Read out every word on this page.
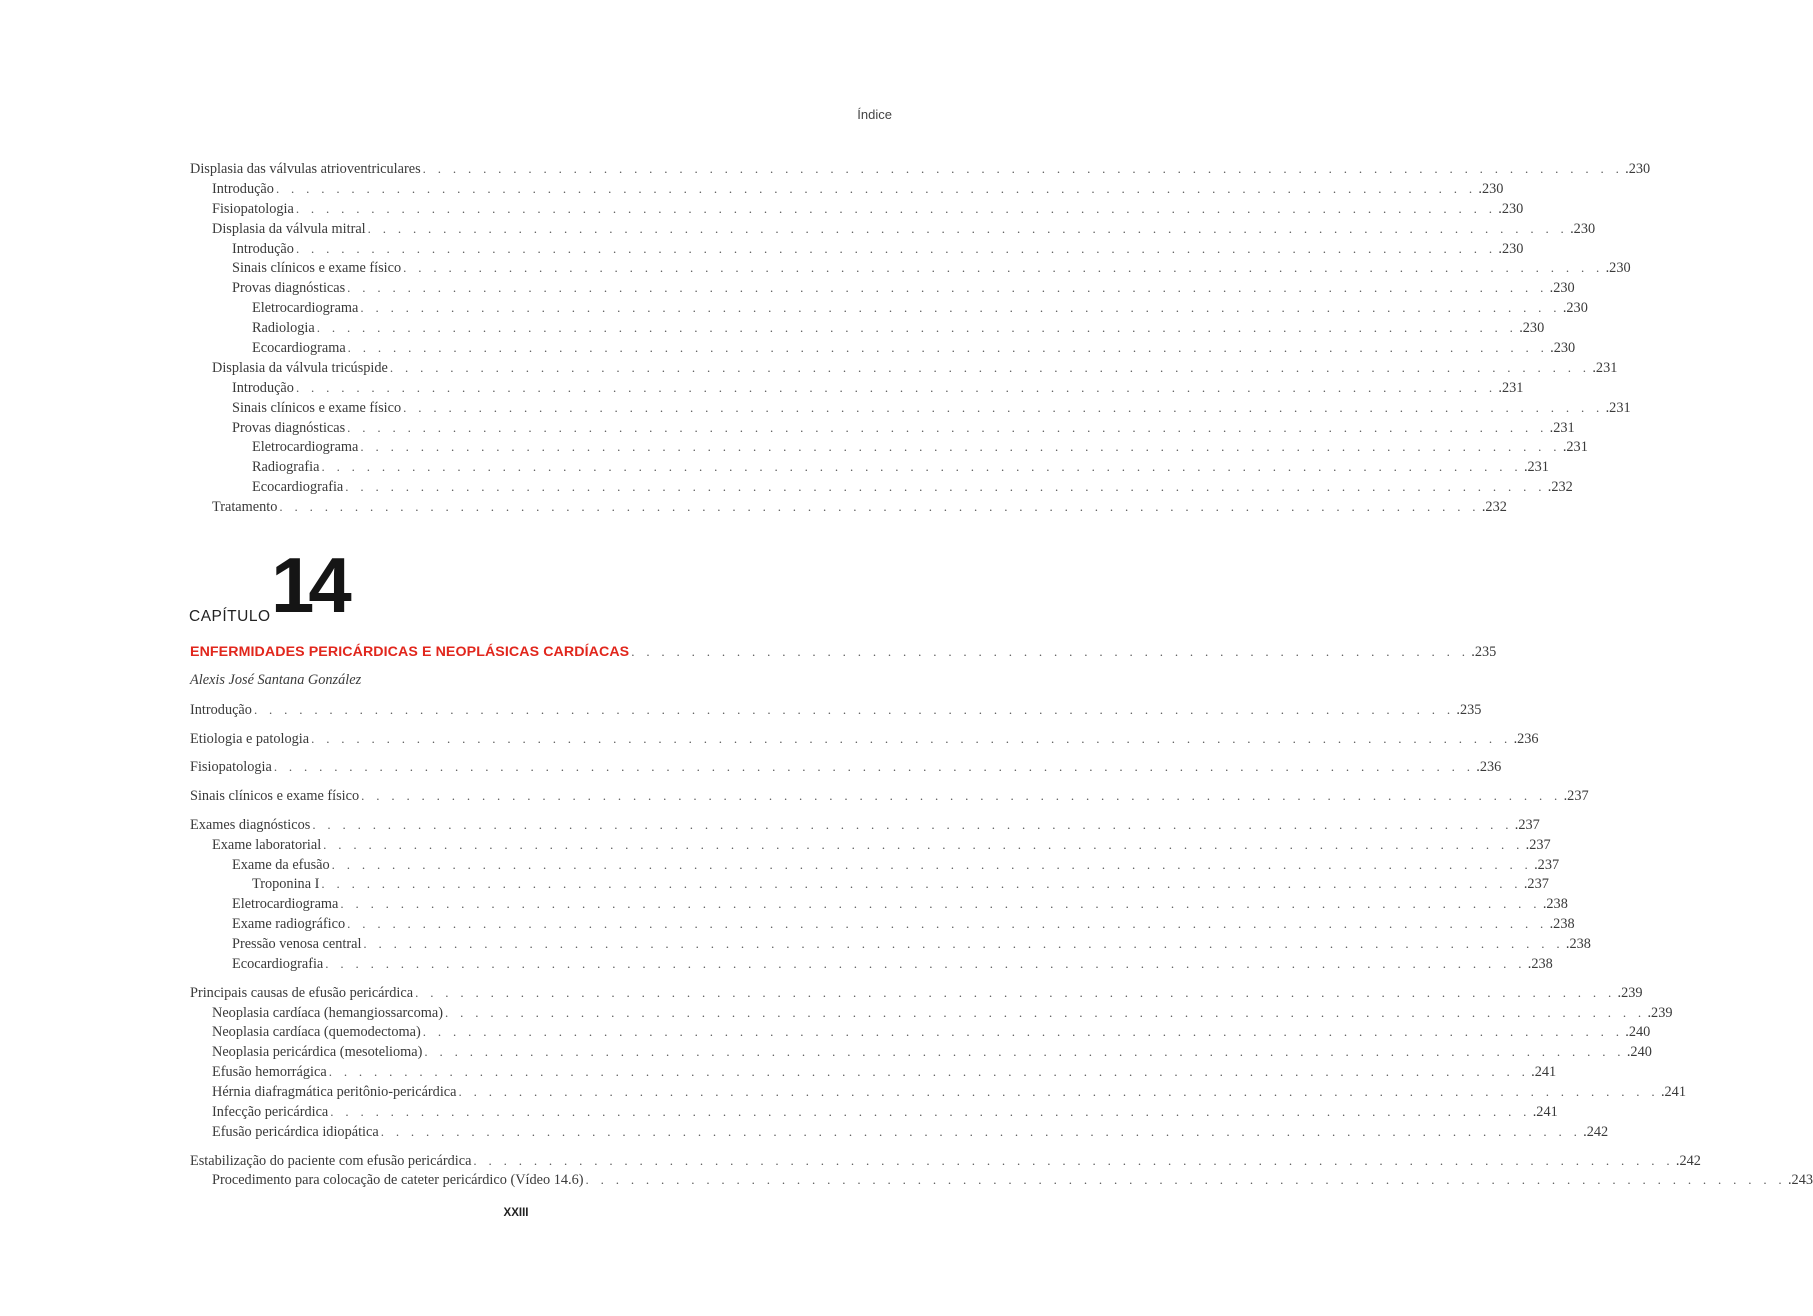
Índice
Displasia das válvulas atrioventriculares . . . . . . . . . . . . . . . . . . . . . . . . . . . . . . . . . . . . . . . . . . . . . . . . . . . . . . . . . . . . . . . . . . . . . . . . . . . . . . . . .230
Introdução . . . . . . . . . . . . . . . . . . . . . . . . . . . . . . . . . . . . . . . . . . . . . . . . . . . . . . . . . . . . . . . . . . . . . . . . . . . . . . . . .230
Fisiopatologia . . . . . . . . . . . . . . . . . . . . . . . . . . . . . . . . . . . . . . . . . . . . . . . . . . . . . . . . . . . . . . . . . . . . . . . . . . . . . . . . .230
Displasia da válvula mitral . . . . . . . . . . . . . . . . . . . . . . . . . . . . . . . . . . . . . . . . . . . . . . . . . . . . . . . . . . . . . . . . . . . . . . . . . . . . . . . . .230
Introdução . . . . . . . . . . . . . . . . . . . . . . . . . . . . . . . . . . . . . . . . . . . . . . . . . . . . . . . . . . . . . . . . . . . . . . . . . . . . . . . . .230
Sinais clínicos e exame físico . . . . . . . . . . . . . . . . . . . . . . . . . . . . . . . . . . . . . . . . . . . . . . . . . . . . . . . . . . . . . . . . . . . . . . . . . . . . . . . . .230
Provas diagnósticas . . . . . . . . . . . . . . . . . . . . . . . . . . . . . . . . . . . . . . . . . . . . . . . . . . . . . . . . . . . . . . . . . . . . . . . . . . . . . . . . .230
Eletrocardiograma . . . . . . . . . . . . . . . . . . . . . . . . . . . . . . . . . . . . . . . . . . . . . . . . . . . . . . . . . . . . . . . . . . . . . . . . . . . . . . . . .230
Radiologia . . . . . . . . . . . . . . . . . . . . . . . . . . . . . . . . . . . . . . . . . . . . . . . . . . . . . . . . . . . . . . . . . . . . . . . . . . . . . . . . .230
Ecocardiograma . . . . . . . . . . . . . . . . . . . . . . . . . . . . . . . . . . . . . . . . . . . . . . . . . . . . . . . . . . . . . . . . . . . . . . . . . . . . . . . . .230
Displasia da válvula tricúspide . . . . . . . . . . . . . . . . . . . . . . . . . . . . . . . . . . . . . . . . . . . . . . . . . . . . . . . . . . . . . . . . . . . . . . . . . . . . . . . . .231
Introdução . . . . . . . . . . . . . . . . . . . . . . . . . . . . . . . . . . . . . . . . . . . . . . . . . . . . . . . . . . . . . . . . . . . . . . . . . . . . . . . . .231
Sinais clínicos e exame físico . . . . . . . . . . . . . . . . . . . . . . . . . . . . . . . . . . . . . . . . . . . . . . . . . . . . . . . . . . . . . . . . . . . . . . . . . . . . . . . . .231
Provas diagnósticas . . . . . . . . . . . . . . . . . . . . . . . . . . . . . . . . . . . . . . . . . . . . . . . . . . . . . . . . . . . . . . . . . . . . . . . . . . . . . . . . .231
Eletrocardiograma . . . . . . . . . . . . . . . . . . . . . . . . . . . . . . . . . . . . . . . . . . . . . . . . . . . . . . . . . . . . . . . . . . . . . . . . . . . . . . . . .231
Radiografia . . . . . . . . . . . . . . . . . . . . . . . . . . . . . . . . . . . . . . . . . . . . . . . . . . . . . . . . . . . . . . . . . . . . . . . . . . . . . . . . .231
Ecocardiografia . . . . . . . . . . . . . . . . . . . . . . . . . . . . . . . . . . . . . . . . . . . . . . . . . . . . . . . . . . . . . . . . . . . . . . . . . . . . . . . . .232
Tratamento . . . . . . . . . . . . . . . . . . . . . . . . . . . . . . . . . . . . . . . . . . . . . . . . . . . . . . . . . . . . . . . . . . . . . . . . . . . . . . . . .232
CAPÍTULO 14
ENFERMIDADES PERICÁRDICAS E NEOPLÁSICAS CARDÍACAS . . . . . . . . . . . . . . . . . . . . . . . . . . . . . . . . . . . . . . . . . . . . . . . . . . . . . . . . .235
Alexis José Santana González
Introdução . . . . . . . . . . . . . . . . . . . . . . . . . . . . . . . . . . . . . . . . . . . . . . . . . . . . . . . . . . . . . . . . . . . . . . . . . . . . . . . . .235
Etiologia e patologia . . . . . . . . . . . . . . . . . . . . . . . . . . . . . . . . . . . . . . . . . . . . . . . . . . . . . . . . . . . . . . . . . . . . . . . . . . . . . . . . .236
Fisiopatologia . . . . . . . . . . . . . . . . . . . . . . . . . . . . . . . . . . . . . . . . . . . . . . . . . . . . . . . . . . . . . . . . . . . . . . . . . . . . . . . . .236
Sinais clínicos e exame físico . . . . . . . . . . . . . . . . . . . . . . . . . . . . . . . . . . . . . . . . . . . . . . . . . . . . . . . . . . . . . . . . . . . . . . . . . . . . . . . . .237
Exames diagnósticos . . . . . . . . . . . . . . . . . . . . . . . . . . . . . . . . . . . . . . . . . . . . . . . . . . . . . . . . . . . . . . . . . . . . . . . . . . . . . . . . .237
Exame laboratorial . . . . . . . . . . . . . . . . . . . . . . . . . . . . . . . . . . . . . . . . . . . . . . . . . . . . . . . . . . . . . . . . . . . . . . . . . . . . . . . . .237
Exame da efusão . . . . . . . . . . . . . . . . . . . . . . . . . . . . . . . . . . . . . . . . . . . . . . . . . . . . . . . . . . . . . . . . . . . . . . . . . . . . . . . . .237
Troponina I . . . . . . . . . . . . . . . . . . . . . . . . . . . . . . . . . . . . . . . . . . . . . . . . . . . . . . . . . . . . . . . . . . . . . . . . . . . . . . . . .237
Eletrocardiograma . . . . . . . . . . . . . . . . . . . . . . . . . . . . . . . . . . . . . . . . . . . . . . . . . . . . . . . . . . . . . . . . . . . . . . . . . . . . . . . . .238
Exame radiográfico . . . . . . . . . . . . . . . . . . . . . . . . . . . . . . . . . . . . . . . . . . . . . . . . . . . . . . . . . . . . . . . . . . . . . . . . . . . . . . . . .238
Pressão venosa central . . . . . . . . . . . . . . . . . . . . . . . . . . . . . . . . . . . . . . . . . . . . . . . . . . . . . . . . . . . . . . . . . . . . . . . . . . . . . . . . .238
Ecocardiografia . . . . . . . . . . . . . . . . . . . . . . . . . . . . . . . . . . . . . . . . . . . . . . . . . . . . . . . . . . . . . . . . . . . . . . . . . . . . . . . . .238
Principais causas de efusão pericárdica . . . . . . . . . . . . . . . . . . . . . . . . . . . . . . . . . . . . . . . . . . . . . . . . . . . . . . . . . . . . . . . . . . . . . . . . . . . . . . . . .239
Neoplasia cardíaca (hemangiossarcoma) . . . . . . . . . . . . . . . . . . . . . . . . . . . . . . . . . . . . . . . . . . . . . . . . . . . . . . . . . . . . . . . . . . . . . . . . . . . . . . . . .239
Neoplasia cardíaca (quemodectoma) . . . . . . . . . . . . . . . . . . . . . . . . . . . . . . . . . . . . . . . . . . . . . . . . . . . . . . . . . . . . . . . . . . . . . . . . . . . . . . . . .240
Neoplasia pericárdica (mesotelioma) . . . . . . . . . . . . . . . . . . . . . . . . . . . . . . . . . . . . . . . . . . . . . . . . . . . . . . . . . . . . . . . . . . . . . . . . . . . . . . . . .240
Efusão hemorrágica . . . . . . . . . . . . . . . . . . . . . . . . . . . . . . . . . . . . . . . . . . . . . . . . . . . . . . . . . . . . . . . . . . . . . . . . . . . . . . . . .241
Hérnia diafragmática peritônio-pericárdica . . . . . . . . . . . . . . . . . . . . . . . . . . . . . . . . . . . . . . . . . . . . . . . . . . . . . . . . . . . . . . . . . . . . . . . . . . . . . . . . .241
Infecção pericárdica . . . . . . . . . . . . . . . . . . . . . . . . . . . . . . . . . . . . . . . . . . . . . . . . . . . . . . . . . . . . . . . . . . . . . . . . . . . . . . . . .241
Efusão pericárdica idiopática . . . . . . . . . . . . . . . . . . . . . . . . . . . . . . . . . . . . . . . . . . . . . . . . . . . . . . . . . . . . . . . . . . . . . . . . . . . . . . . . .242
Estabilização do paciente com efusão pericárdica . . . . . . . . . . . . . . . . . . . . . . . . . . . . . . . . . . . . . . . . . . . . . . . . . . . . . . . . . . . . . . . . . . . . . . . . . . . . . . . . .242
Procedimento para colocação de cateter pericárdico (Vídeo 14.6) . . . . . . . . . . . . . . . . . . . . . . . . . . . . . . . . . . . . . . . . . . . . . . . . . . . . . . . . . . . . . . . . . . . . . . . . . . . . . . . . .243
XXIII
